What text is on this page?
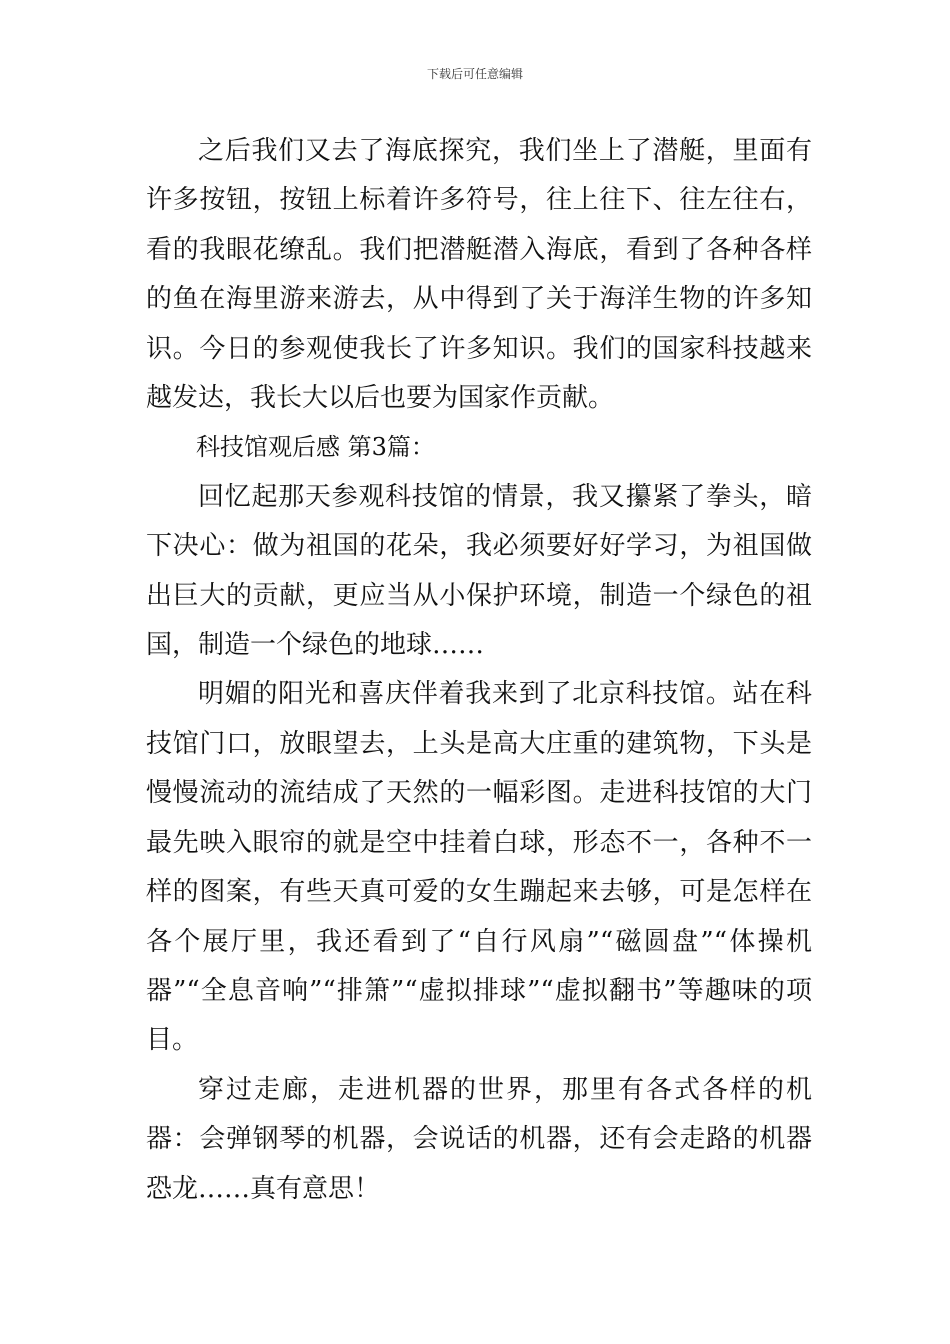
下载后可任意编辑

之后我们又去了海底探究，我们坐上了潜艇，里面有许多按钮，按钮上标着许多符号，往上往下、往左往右，看的我眼花缭乱。我们把潜艇潜入海底，看到了各种各样的鱼在海里游来游去，从中得到了关于海洋生物的许多知识。今日的参观使我长了许多知识。我们的国家科技越来越发达，我长大以后也要为国家作贡献。

科技馆观后感 第3篇：

回忆起那天参观科技馆的情景，我又攥紧了拳头，暗下决心：做为祖国的花朵，我必须要好好学习，为祖国做出巨大的贡献，更应当从小保护环境，制造一个绿色的祖国，制造一个绿色的地球……

明媚的阳光和喜庆伴着我来到了北京科技馆。站在科技馆门口，放眼望去，上头是高大庄重的建筑物，下头是慢慢流动的流结成了天然的一幅彩图。走进科技馆的大门最先映入眼帘的就是空中挂着白球，形态不一，各种不一样的图案，有些天真可爱的女生蹦起来去够，可是怎样在各个展厅里，我还看到了“自行风扇”“磁圆盘”“体操机器”“全息音响”“排箫”“虚拟排球”“虚拟翻书”等趣味的项目。

穿过走廊，走进机器的世界，那里有各式各样的机器：会弹钢琴的机器，会说话的机器，还有会走路的机器恐龙……真有意思！
